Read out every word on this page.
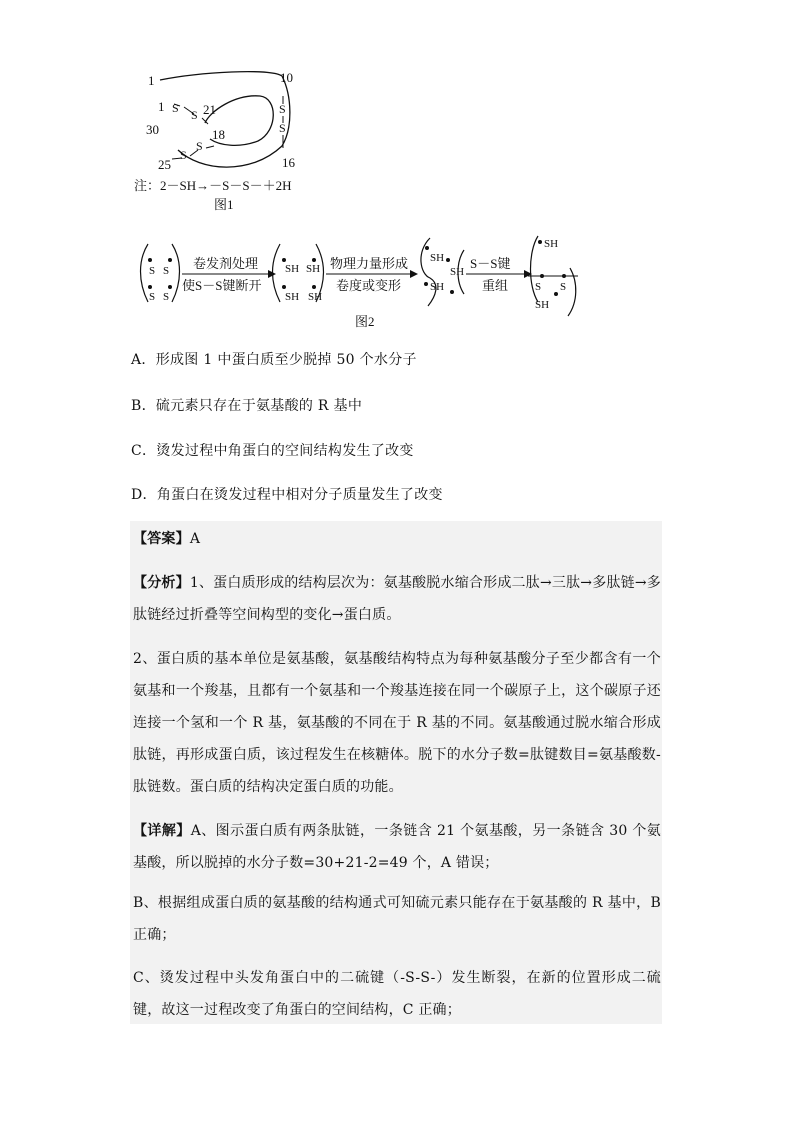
1	10
1 S 21
S	S
S
30	18
S
S
25	16
注：2－SH→－S－S－＋2H
图1
S S
S S
卷发剂处理
使S－S键断开
SH SH
SH SH
物理力量形成
卷度或变形
SH
SH
SH
S－S键
重组
SH
S S
SH
图2
A．形成图 1 中蛋白质至少脱掉 50 个水分子
B．硫元素只存在于氨基酸的 R 基中
C．烫发过程中角蛋白的空间结构发生了改变
D．角蛋白在烫发过程中相对分子质量发生了改变
【答案】A
【分析】1、蛋白质形成的结构层次为：氨基酸脱水缩合形成二肽→三肽→多肽链→多肽链经过折叠等空间构型的变化→蛋白质。
2、蛋白质的基本单位是氨基酸，氨基酸结构特点为每种氨基酸分子至少都含有一个氨基和一个羧基，且都有一个氨基和一个羧基连接在同一个碳原子上，这个碳原子还连接一个氢和一个 R 基，氨基酸的不同在于 R 基的不同。氨基酸通过脱水缩合形成肽链，再形成蛋白质，该过程发生在核糖体。脱下的水分子数=肽键数目=氨基酸数-肽链数。蛋白质的结构决定蛋白质的功能。
【详解】A、图示蛋白质有两条肽链，一条链含 21 个氨基酸，另一条链含 30 个氨基酸，所以脱掉的水分子数=30+21-2=49 个，A 错误；
B、根据组成蛋白质的氨基酸的结构通式可知硫元素只能存在于氨基酸的 R 基中，B 正确；
C、烫发过程中头发角蛋白中的二硫键（-S-S-）发生断裂，在新的位置形成二硫键，故这一过程改变了角蛋白的空间结构，C 正确；
